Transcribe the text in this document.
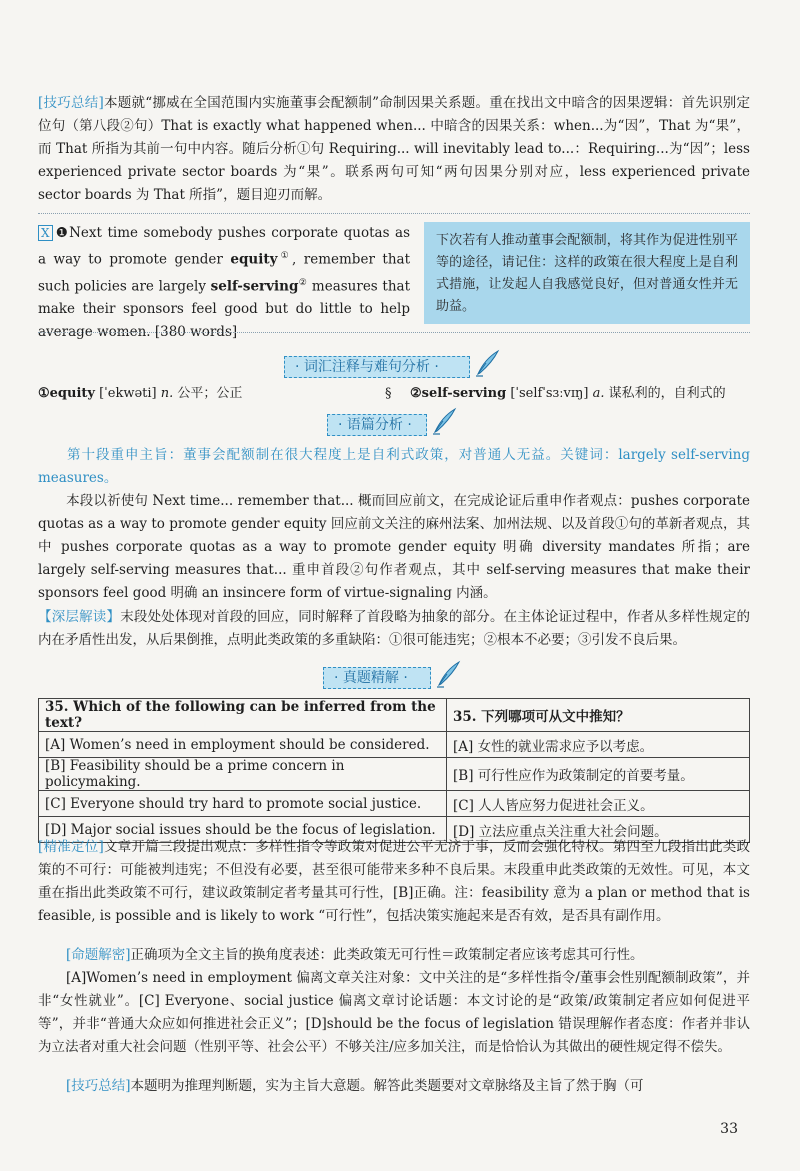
[技巧总结]本题就“挪威在全国范围内实施董事会配额制”命制因果关系题。重在找出文中暗含的因果逻辑：首先识别定位句（第八段②句）That is exactly what happened when... 中暗含的因果关系：when...为“因”，That 为“果”，而 That 所指为其前一句中内容。随后分析①句 Requiring... will inevitably lead to...：Requiring...为“因”；less experienced private sector boards 为“果”。联系两句可知“两句因果分别对应，less experienced private sector boards 为 That 所指”，题目迎刃而解。

X ❶Next time somebody pushes corporate quotas as a way to promote gender equity①, remember that such policies are largely self-serving② measures that make their sponsors feel good but do little to help average women. [380 words]
下次若有人推动董事会配额制，将其作为促进性别平等的途径，请记住：这样的政策在很大程度上是自利式措施，让发起人自我感觉良好，但对普通女性并无助益。
· 词汇注释与难句分析 ·
①equity [ˈekwəti] n. 公平；公正	§ ②self-serving [ˈselfˈsɜːvɪŋ] a. 谋私利的，自利式的
· 语篇分析 ·

第十段重申主旨：董事会配额制在很大程度上是自利式政策，对普通人无益。关键词：largely self-serving measures。

本段以祈使句 Next time... remember that... 概而回应前文，在完成论证后重申作者观点：pushes corporate quotas as a way to promote gender equity 回应前文关注的麻州法案、加州法规、以及首段①句的革新者观点，其中 pushes corporate quotas as a way to promote gender equity 明确 diversity mandates 所指；are largely self-serving measures that... 重申首段②句作者观点，其中 self-serving measures that make their sponsors feel good 明确 an insincere form of virtue-signaling 内涵。

【深层解读】末段处处体现对首段的回应，同时解释了首段略为抽象的部分。在主体论证过程中，作者从多样性规定的内在矛盾性出发，从后果倒推，点明此类政策的多重缺陷：①很可能违宪；②根本不必要；③引发不良后果。

· 真题精解 ·
35. Which of the following can be inferred from the text?	35. 下列哪项可从文中推知？
[A] Women’s need in employment should be considered.	[A] 女性的就业需求应予以考虑。
[B] Feasibility should be a prime concern in policymaking.	[B] 可行性应作为政策制定的首要考量。
[C] Everyone should try hard to promote social justice.	[C] 人人皆应努力促进社会正义。
[D] Major social issues should be the focus of legislation.	[D] 立法应重点关注重大社会问题。

[精准定位]文章开篇三段提出观点：多样性指令等政策对促进公平无济于事，反而会强化特权。第四至九段指出此类政策的不可行：可能被判违宪；不但没有必要，甚至很可能带来多种不良后果。末段重申此类政策的无效性。可见，本文重在指出此类政策不可行，建议政策制定者考量其可行性，[B]正确。注：feasibility 意为 a plan or method that is feasible, is possible and is likely to work “可行性”，包括决策实施起来是否有效，是否具有副作用。

[命题解密]正确项为全文主旨的换角度表述：此类政策无可行性＝政策制定者应该考虑其可行性。

[A]Women’s need in employment 偏离文章关注对象：文中关注的是“多样性指令/董事会性别配额制政策”，并非“女性就业”。[C] Everyone、social justice 偏离文章讨论话题：本文讨论的是“政策/政策制定者应如何促进平等”，并非“普通大众应如何推进社会正义”；[D]should be the focus of legislation 错误理解作者态度：作者并非认为立法者对重大社会问题（性别平等、社会公平）不够关注/应多加关注，而是恰恰认为其做出的硬性规定得不偿失。

[技巧总结]本题明为推理判断题，实为主旨大意题。解答此类题要对文章脉络及主旨了然于胸（可

33
